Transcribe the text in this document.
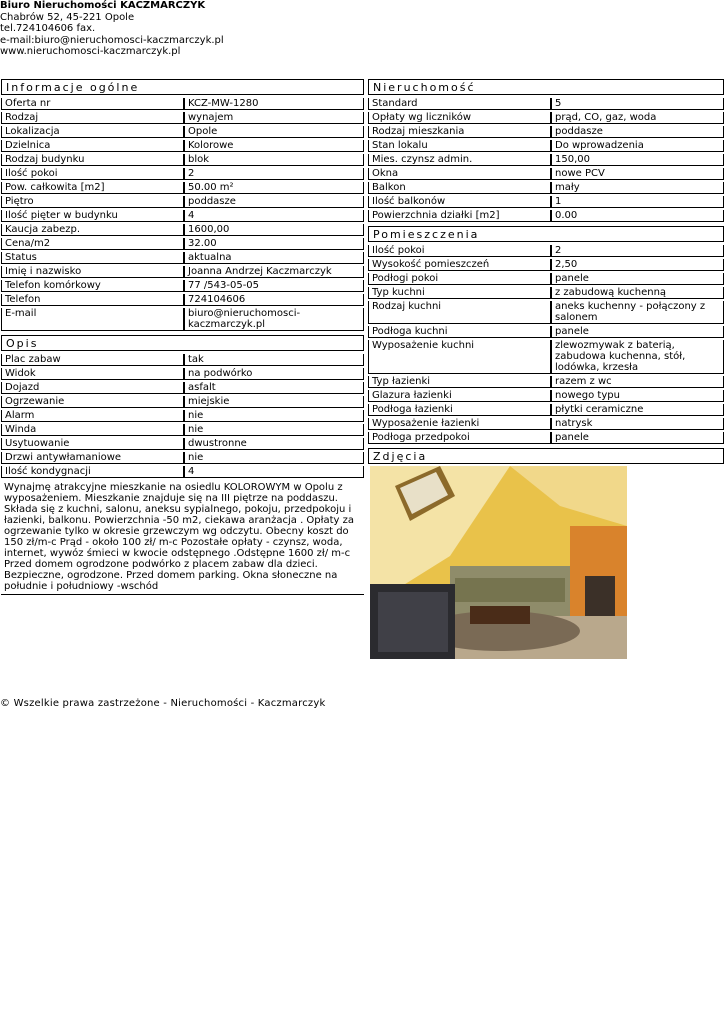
Biuro Nieruchomości KACZMARCZYK
Chabrów 52, 45-221 Opole
tel.724104606 fax.
e-mail:biuro@nieruchomosci-kaczmarczyk.pl
www.nieruchomosci-kaczmarczyk.pl
Informacje ogólne
Oferta nr	KCZ-MW-1280
Rodzaj	wynajem
Lokalizacja	Opole
Dzielnica	Kolorowe
Rodzaj budynku	blok
Ilość pokoi	2
Pow. całkowita [m2]	50.00 m²
Piętro	poddasze
Ilość pięter w budynku	4
Kaucja zabezp.	1600,00
Cena/m2	32.00
Status	aktualna
Imię i nazwisko	Joanna Andrzej Kaczmarczyk
Telefon komórkowy	77 /543-05-05
Telefon	724104606
E-mail	biuro@nieruchomosci-kaczmarczyk.pl
Opis
Plac zabaw	tak
Widok	na podwórko
Dojazd	asfalt
Ogrzewanie	miejskie
Alarm	nie
Winda	nie
Usytuowanie	dwustronne
Drzwi antywłamaniowe	nie
Ilość kondygnacji	4
Wynajmę atrakcyjne mieszkanie na osiedlu KOLOROWYM w Opolu z wyposażeniem. Mieszkanie znajduje się na III piętrze na poddaszu. Składa się z kuchni, salonu, aneksu sypialnego, pokoju, przedpokoju i łazienki, balkonu. Powierzchnia -50 m2, ciekawa aranżacja . Opłaty za ogrzewanie tylko w okresie grzewczym wg odczytu. Obecny koszt do 150 zł/m-c Prąd - około 100 zł/ m-c Pozostałe opłaty - czynsz, woda, internet, wywóz śmieci w kwocie odstępnego .Odstępne 1600 zł/ m-c Przed domem ogrodzone podwórko z placem zabaw dla dzieci. Bezpieczne, ogrodzone. Przed domem parking. Okna słoneczne na południe i południowy -wschód
Nieruchomość
Standard	5
Opłaty wg liczników	prąd, CO, gaz, woda
Rodzaj mieszkania	poddasze
Stan lokalu	Do wprowadzenia
Mies. czynsz admin.	150,00
Okna	nowe PCV
Balkon	mały
Ilość balkonów	1
Powierzchnia działki [m2]	0.00
Pomieszczenia
Ilość pokoi	2
Wysokość pomieszczeń	2,50
Podłogi pokoi	panele
Typ kuchni	z zabudową kuchenną
Rodzaj kuchni	aneks kuchenny - połączony z salonem
Podłoga kuchni	panele
Wyposażenie kuchni	zlewozmywak z baterią, zabudowa kuchenna, stół, lodówka, krzesła
Typ łazienki	razem z wc
Glazura łazienki	nowego typu
Podłoga łazienki	płytki ceramiczne
Wyposażenie łazienki	natrysk
Podłoga przedpokoi	panele
Zdjęcia
© Wszelkie prawa zastrzeżone - Nieruchomości - Kaczmarczyk
